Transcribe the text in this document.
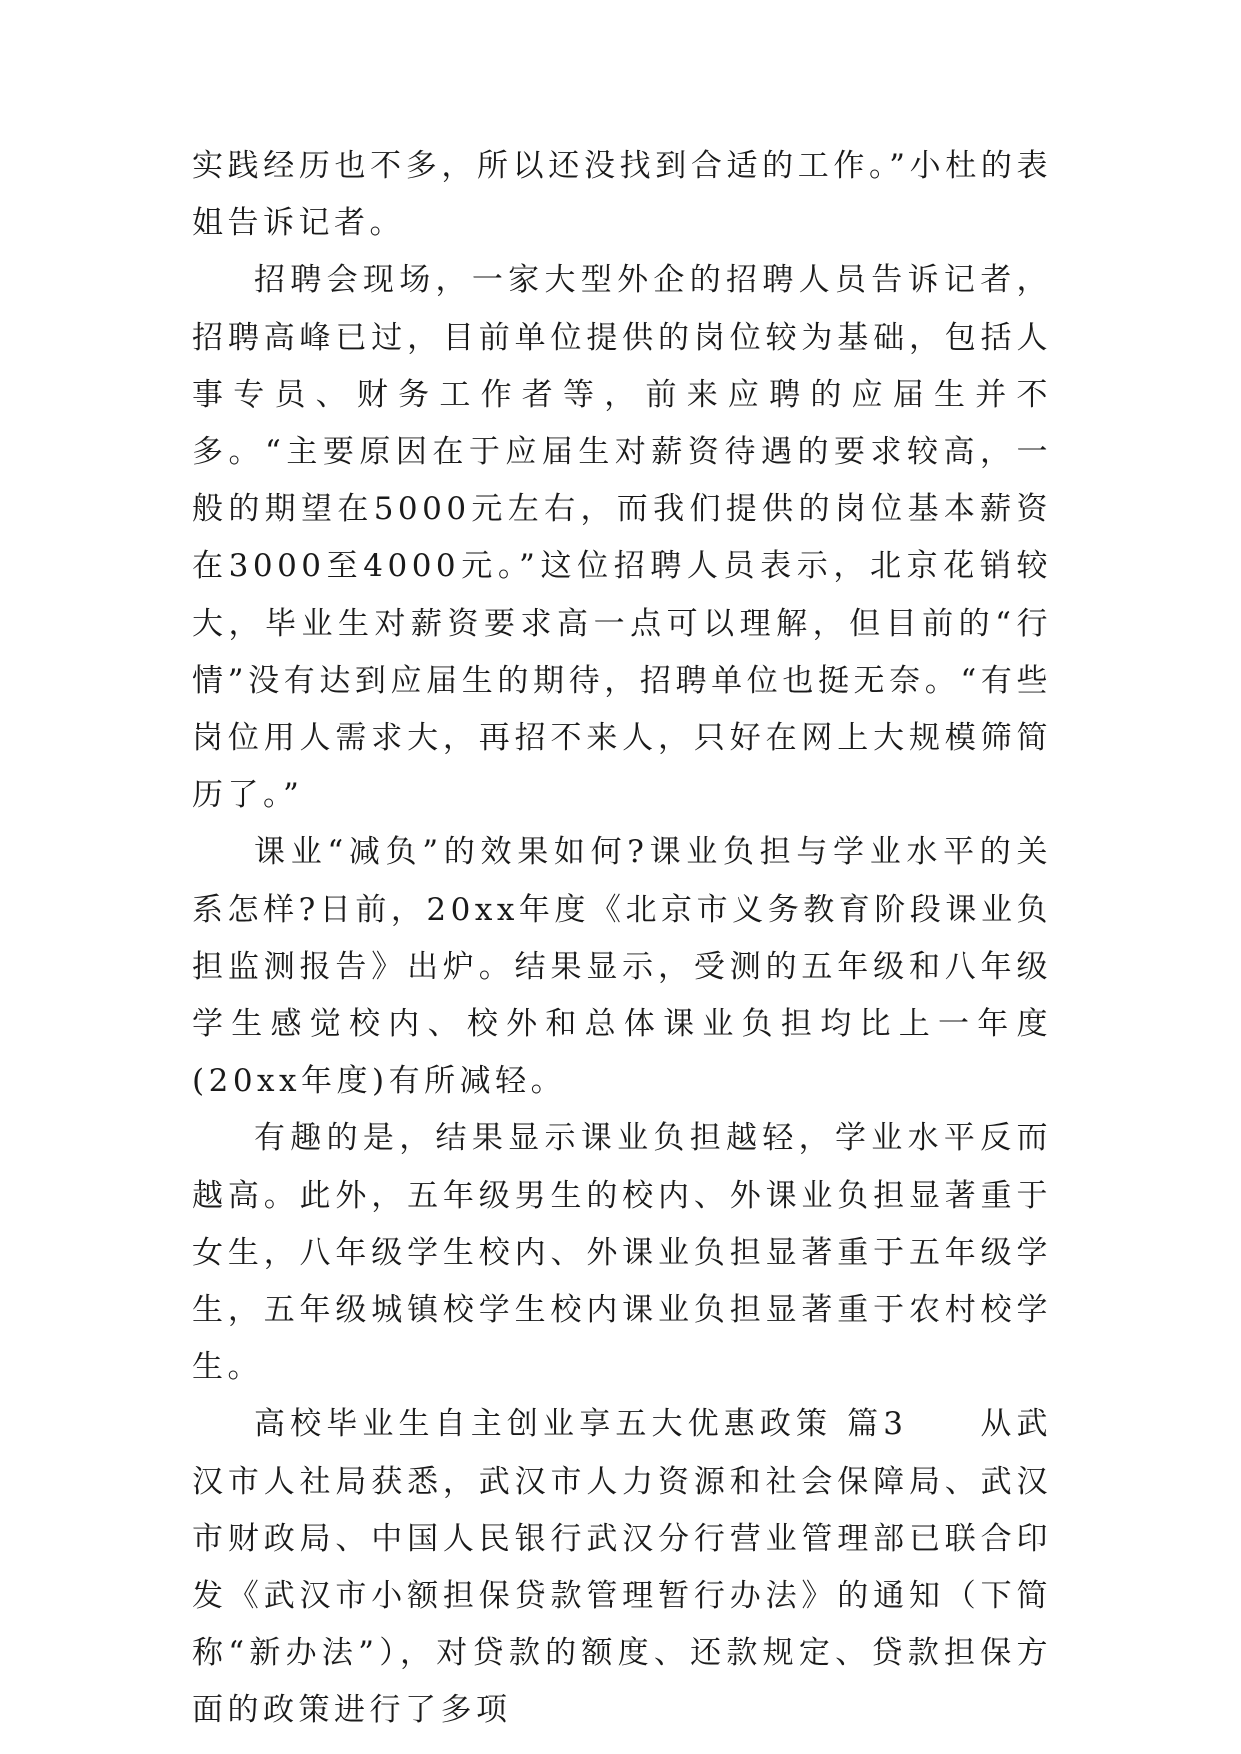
实践经历也不多，所以还没找到合适的工作。”小杜的表姐告诉记者。

招聘会现场，一家大型外企的招聘人员告诉记者，招聘高峰已过，目前单位提供的岗位较为基础，包括人事专员、财务工作者等，前来应聘的应届生并不多。“主要原因在于应届生对薪资待遇的要求较高，一般的期望在5000元左右，而我们提供的岗位基本薪资在3000至4000元。”这位招聘人员表示，北京花销较大，毕业生对薪资要求高一点可以理解，但目前的“行情”没有达到应届生的期待，招聘单位也挺无奈。“有些岗位用人需求大，再招不来人，只好在网上大规模筛简历了。”

课业“减负”的效果如何?课业负担与学业水平的关系怎样?日前，20xx年度《北京市义务教育阶段课业负担监测报告》出炉。结果显示，受测的五年级和八年级学生感觉校内、校外和总体课业负担均比上一年度(20xx年度)有所减轻。

有趣的是，结果显示课业负担越轻，学业水平反而越高。此外，五年级男生的校内、外课业负担显著重于女生，八年级学生校内、外课业负担显著重于五年级学生，五年级城镇校学生校内课业负担显著重于农村校学生。

高校毕业生自主创业享五大优惠政策 篇3　　从武汉市人社局获悉，武汉市人力资源和社会保障局、武汉市财政局、中国人民银行武汉分行营业管理部已联合印发《武汉市小额担保贷款管理暂行办法》的通知（下简称“新办法”），对贷款的额度、还款规定、贷款担保方面的政策进行了多项
